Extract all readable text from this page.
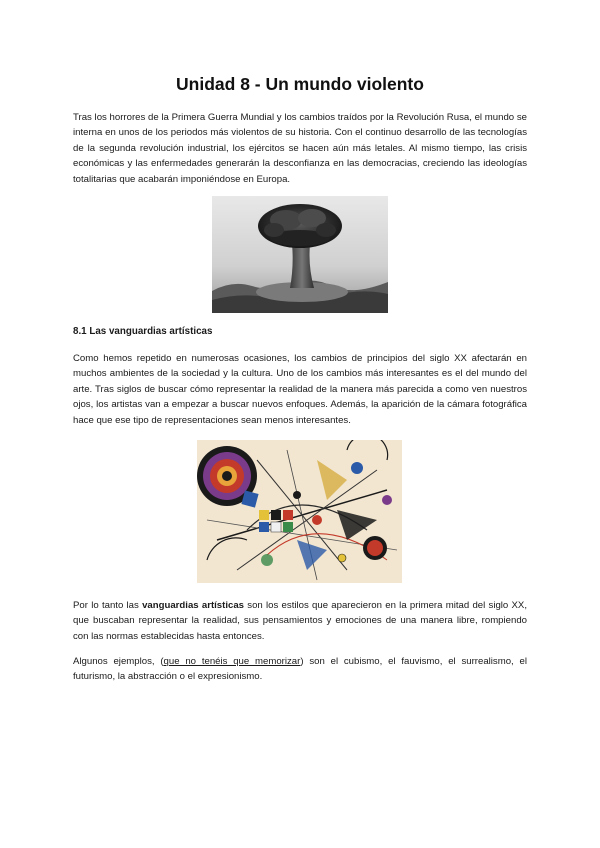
Unidad 8 - Un mundo violento

Tras los horrores de la Primera Guerra Mundial y los cambios traídos por la Revolución Rusa, el mundo se interna en unos de los periodos más violentos de su historia. Con el continuo desarrollo de las tecnologías de la segunda revolución industrial, los ejércitos se hacen aún más letales. Al mismo tiempo, las crisis económicas y las enfermedades generarán la desconfianza en las democracias, creciendo las ideologías totalitarias que acabarán imponiéndose en Europa.

8.1 Las vanguardias artísticas

Como hemos repetido en numerosas ocasiones, los cambios de principios del siglo XX afectarán en muchos ambientes de la sociedad y la cultura. Uno de los cambios más interesantes es el del mundo del arte. Tras siglos de buscar cómo representar la realidad de la manera más parecida a como ven nuestros ojos, los artistas van a empezar a buscar nuevos enfoques. Además, la aparición de la cámara fotográfica hace que ese tipo de representaciones sean menos interesantes.

Por lo tanto las vanguardias artísticas son los estilos que aparecieron en la primera mitad del siglo XX, que buscaban representar la realidad, sus pensamientos y emociones de una manera libre, rompiendo con las normas establecidas hasta entonces.

Algunos ejemplos, (que no tenéis que memorizar) son el cubismo, el fauvismo, el surrealismo, el futurismo, la abstracción o el expresionismo.
